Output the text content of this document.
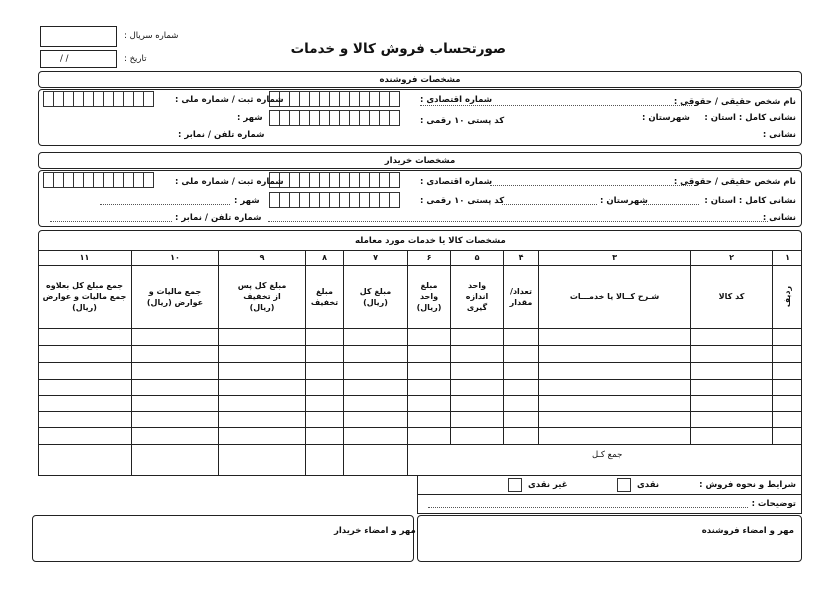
صورتحساب فروش کالا و خدمات
شماره سریال :
/ /	تاریخ :
مشخصات فروشنده
نام شخص حقیقی / حقوقی :
شماره اقتصادی :
شماره ثبت / شماره ملی :
نشانی کامل : استان :
شهرستان :
کد پستی ۱۰ رقمی :
شهر :
نشانی :
شماره تلفن / نمابر :
مشخصات خریدار
نام شخص حقیقی / حقوقی :
شماره اقتصادی :
شماره ثبت / شماره ملی :
نشانی کامل : استان :
شهرستان :
کد پستی ۱۰ رقمی :
شهر :
نشانی :
شماره تلفن / نمابر :
مشخصات کالا یا خدمات مورد معامله
۱
ردیف
۲
کد کالا
۳
شـرح کــالا یا خدمـــات
۴
تعداد/ مقدار
۵
واحد اندازه گیری
۶
مبلغ واحد (ریال)
۷
مبلغ کل (ریال)
۸
مبلغ تخفیف
۹
مبلغ کل پس از تخفیف (ریال)
۱۰
جمع مالیات و عوارض (ریال)
۱۱
جمع مبلغ کل بعلاوه جمع مالیات و عوارض (ریال)
جمع کـل
شرایط و نحوه فروش :
نقدی
غیر نقدی
توضیحات :
مهر و امضاء فروشنده
مهر و امضاء خریدار
